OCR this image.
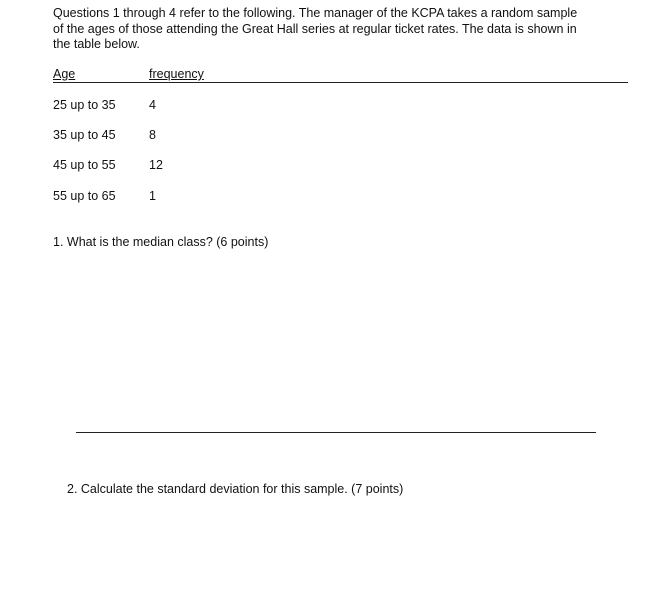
Questions 1 through 4 refer to the following. The manager of the KCPA takes a random sample
of the ages of those attending the Great Hall series at regular ticket rates. The data is shown in
the table below.

Age	frequency
25 up to 35	4
35 up to 45	8
45 up to 55	12
55 up to 65	1

1. What is the median class? (6 points)

2. Calculate the standard deviation for this sample. (7 points)
